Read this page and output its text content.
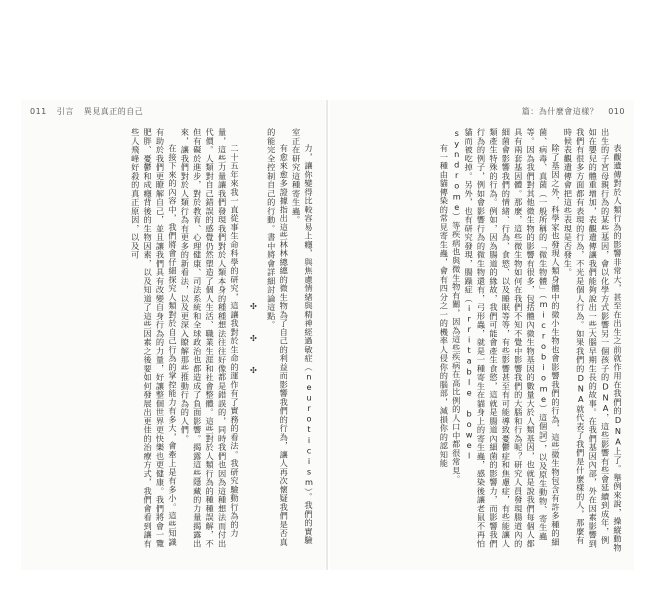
011 引言 異見真正的自己

力，讓你變得比較容易上癮，與焦慮情緒與精神經過敏症（neuroticism）。我們的實驗室正在研究這種寄生蟲。

有愈來愈多證據指出這些林林總總的微生物為了自己的利益而影響我們的行為，讓人再次懷疑我們是否真的能完全控制自己的行動。書中將會詳細討論這點。

✣ ✣ ✣

二十五年來我一直從事生命科學的研究，這讓我對於生命的運作有了實務的看法。我研究驗動行為的力量，這些力量讓我們發現我們對於人類本身的種種想法往往好像都是錯誤的，同時我們也因為這種想法而付出代價。人類對自己錯誤的感覺仍然塑造了個人生活、職業生涯和社會整體。這些對於人類行為的種種誤解，不但有礙於進步，對於教育、心理健康、司法系統和全球政治也都造成了負面影響。揭露這些隱藏的力量揭露出來，讓我們對於人類行為有更多的新看法，以及更深入瞭解那些推動行為的人們。

在接下來的內容中，我們將會仔細探究人類對於自己行為的掌控能力有多大，會牽上是有多小。這些知識有助於我們更瞭解自己，並且讓我們具有改變自身行為的力量，好讓整個世界更快樂也更健康。我們將會一覽肥胖、憂鬱和成癮背後的生物因素，以及知道了這些因素之後要如何發展出更佳的治療方式，我們會看到讓有些人飛峰好殺的真正原因，以及可

篇：為什麼會這樣？ 010

表觀遺傳對於人類行為的影響非常大，甚至在出生之前就作用在我們的DNA上了。舉例來說，操縱動物出生的子宮母親行為的某些基因，會以化學方式影響另一個孩子的DNA，這些影響有些會延續到成年，例如在嬰兒的體重增加，表觀遺傳讓我們能夠說出一些大腦早期生長的故事。在我們基因內部，外在因素影響到我們有很多方面都有表現的行為，不光是個人行為。如果我們的DNA就代表了我們是什麼樣的人，那麼有時候表觀遺傳會把這些表現是否發生。

除了基因之外，科學家也發現人類身體中的微小生物也會影響我們的行為，這些微生物包含有許多種的細菌、病毒、真菌（一般所稱的「微生物體」（microbiome）這個詞），以及原生動物、寄生蟲等。因為我們對其他微生物的影響有很多，包括體內微生物基因的數量大於人類基因，也就是說我們每個人都具有兩套基因體。那麼，這些微生物如何在我們不知不覺中影響我們的大腦和行為呢？研究人員發現腸道內的細菌會影響我們的情緒、行為、食慾、以及睡眠等等，有些影響甚至有可能導致憂鬱症和焦慮症，有些能讓人類產生特殊的行為。例如，因為腸道的緣故，我們可能會產生食慾，這就是腸道內細菌的影響力，而影響我們行為的例子，例如會影響行為的微生物還有，弓形蟲，就是一種寄生在貓身上的寄生蟲，感染後讓老鼠不再怕貓而被吃掉。另外，也有研究發現，腸躁症（irritable bowel syndrome）等疾病也與微生物有關，因為這些疾病在高比例的人口中都很常見。

有一種由貓傳染的常見寄生蟲，會有四分之一的機率人侵你的腦部，減損你的認知能
